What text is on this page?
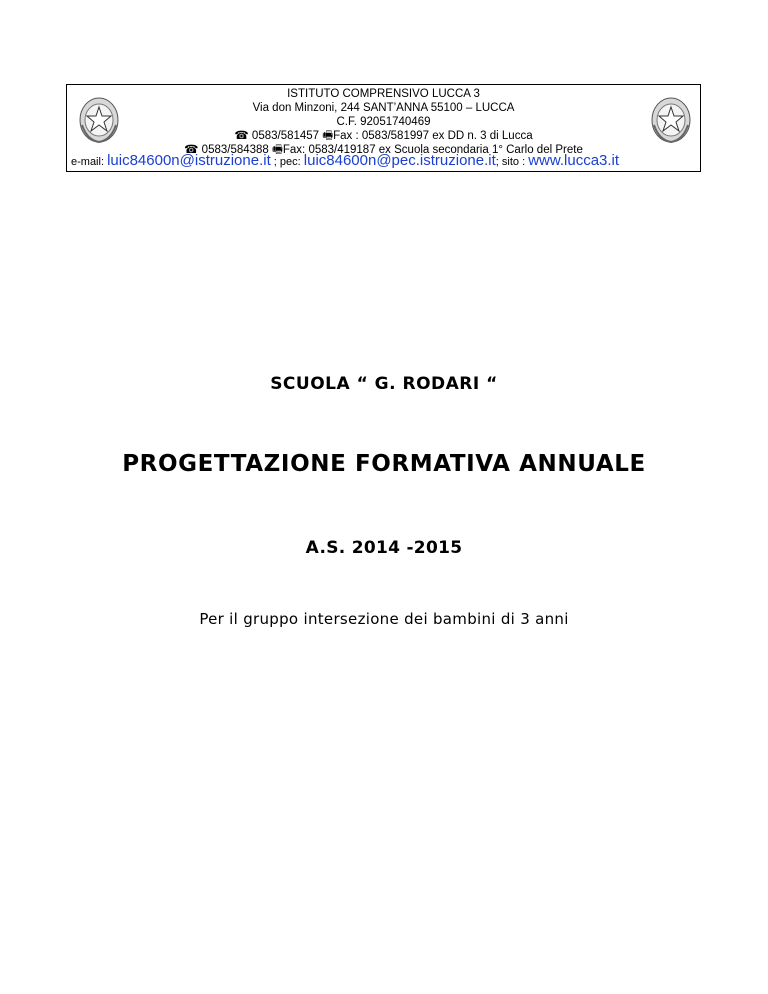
ISTITUTO COMPRENSIVO LUCCA 3
Via don Minzoni, 244 SANT’ANNA 55100 – LUCCA
C.F. 92051740469
☎ 0583/581457 🖷Fax : 0583/581997 ex DD n. 3 di Lucca
☎ 0583/584388 🖷Fax: 0583/419187 ex Scuola secondaria 1° Carlo del Prete
e-mail: luic84600n@istruzione.it ; pec: luic84600n@pec.istruzione.it; sito : www.lucca3.it
SCUOLA “ G. RODARI “
PROGETTAZIONE FORMATIVA ANNUALE
A.S. 2014 -2015
Per il gruppo intersezione dei bambini di 3 anni
